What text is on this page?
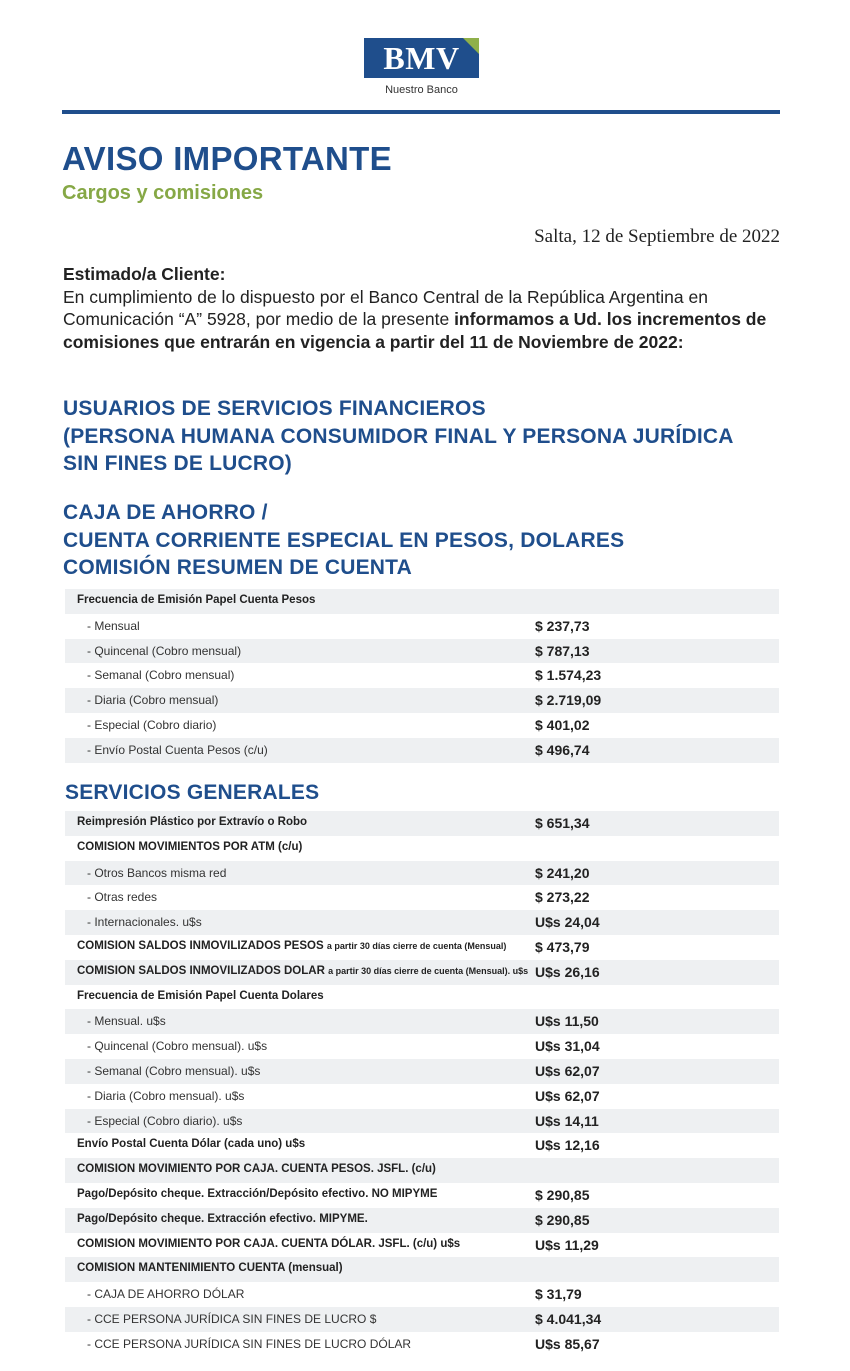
BMV
Nuestro Banco
AVISO IMPORTANTE
Cargos y comisiones
Salta, 12 de Septiembre de 2022
Estimado/a Cliente:
En cumplimiento de lo dispuesto por el Banco Central de la República Argentina en Comunicación “A” 5928, por medio de la presente informamos a Ud. los incrementos de comisiones que entrarán en vigencia a partir del 11 de Noviembre de 2022:
USUARIOS DE SERVICIOS FINANCIEROS
(PERSONA HUMANA CONSUMIDOR FINAL Y PERSONA JURÍDICA
SIN FINES DE LUCRO)
CAJA DE AHORRO /
CUENTA CORRIENTE ESPECIAL EN PESOS, DOLARES
COMISIÓN RESUMEN DE CUENTA
Frecuencia de Emisión Papel Cuenta Pesos
- Mensual	$ 237,73
- Quincenal (Cobro mensual)	$ 787,13
- Semanal (Cobro mensual)	$ 1.574,23
- Diaria (Cobro mensual)	$ 2.719,09
- Especial (Cobro diario)	$ 401,02
- Envío Postal Cuenta Pesos (c/u)	$ 496,74
SERVICIOS GENERALES
Reimpresión Plástico por Extravío o Robo	$ 651,34
COMISION MOVIMIENTOS POR ATM (c/u)
- Otros Bancos misma red	$ 241,20
- Otras redes	$ 273,22
- Internacionales. u$s	U$s 24,04
COMISION SALDOS INMOVILIZADOS PESOS a partir 30 días cierre de cuenta (Mensual) $ 473,79
COMISION SALDOS INMOVILIZADOS DOLAR a partir 30 días cierre de cuenta (Mensual). u$s U$s 26,16
Frecuencia de Emisión Papel Cuenta Dolares
- Mensual. u$s	U$s 11,50
- Quincenal (Cobro mensual). u$s	U$s 31,04
- Semanal (Cobro mensual). u$s	U$s 62,07
- Diaria (Cobro mensual). u$s	U$s 62,07
- Especial (Cobro diario). u$s	U$s 14,11
Envío Postal Cuenta Dólar (cada uno) u$s	U$s 12,16
COMISION MOVIMIENTO POR CAJA. CUENTA PESOS. JSFL. (c/u)
Pago/Depósito cheque. Extracción/Depósito efectivo. NO MIPYME	$ 290,85
Pago/Depósito cheque. Extracción efectivo. MIPYME.	$ 290,85
COMISION MOVIMIENTO POR CAJA. CUENTA DÓLAR. JSFL. (c/u) u$s	U$s 11,29
COMISION MANTENIMIENTO CUENTA (mensual)
- CAJA DE AHORRO DÓLAR	$ 31,79
- CCE PERSONA JURÍDICA SIN FINES DE LUCRO $	$ 4.041,34
- CCE PERSONA JURÍDICA SIN FINES DE LUCRO DÓLAR	U$s 85,67
